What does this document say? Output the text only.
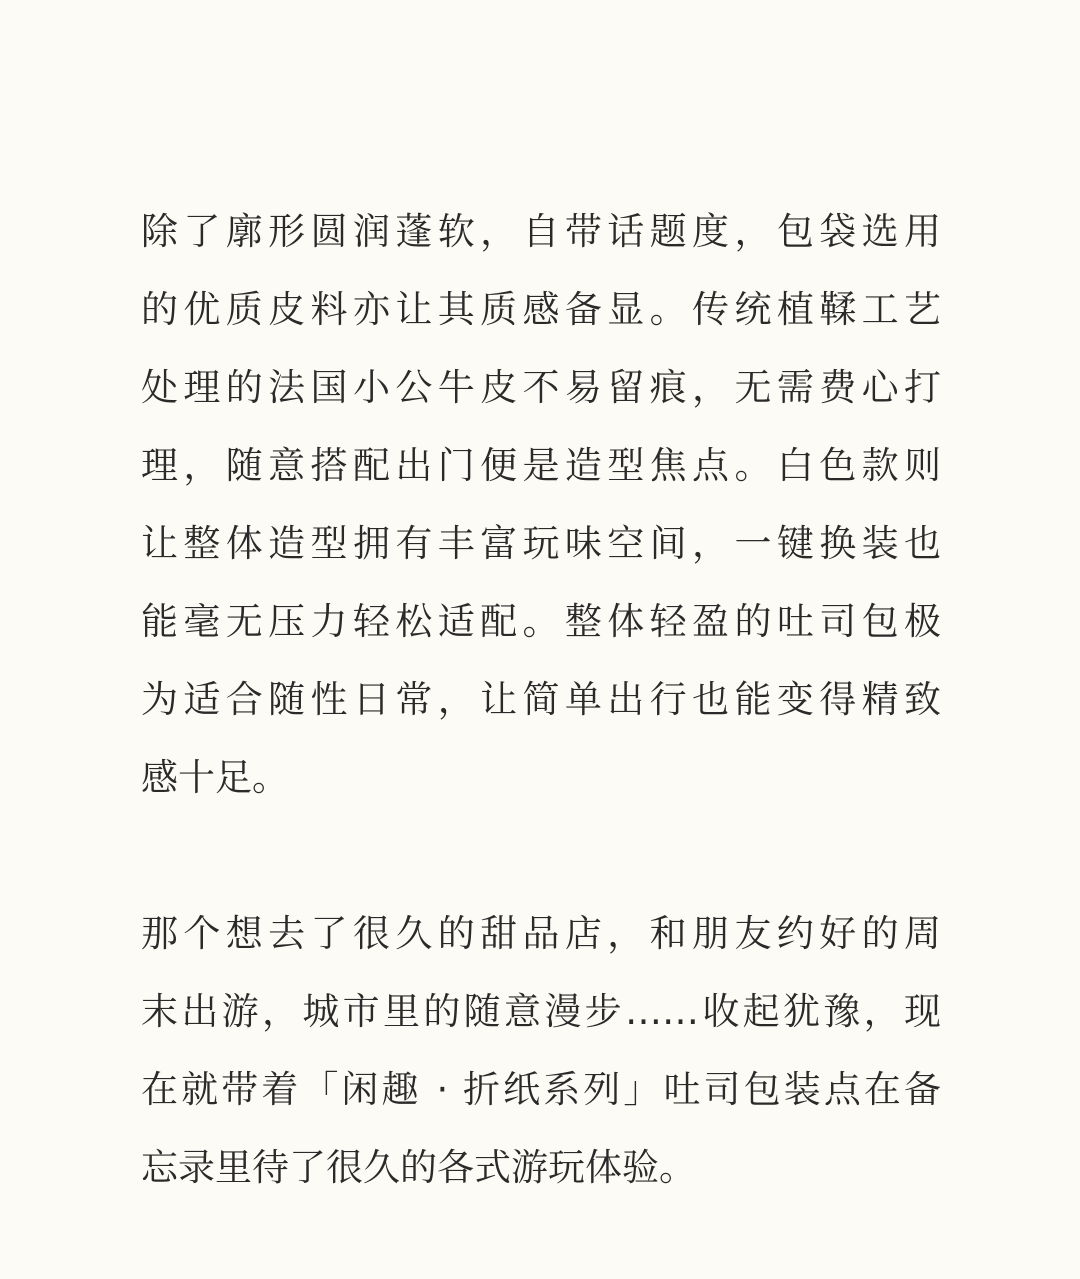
除了廓形圆润蓬软，自带话题度，包袋选用
的优质皮料亦让其质感备显。传统植鞣工艺
处理的法国小公牛皮不易留痕，无需费心打
理，随意搭配出门便是造型焦点。白色款则
让整体造型拥有丰富玩味空间，一键换装也
能毫无压力轻松适配。整体轻盈的吐司包极
为适合随性日常，让简单出行也能变得精致
感十足。
那个想去了很久的甜品店，和朋友约好的周
末出游，城市里的随意漫步……收起犹豫，现
在就带着「闲趣 · 折纸系列」吐司包装点在备
忘录里待了很久的各式游玩体验。
